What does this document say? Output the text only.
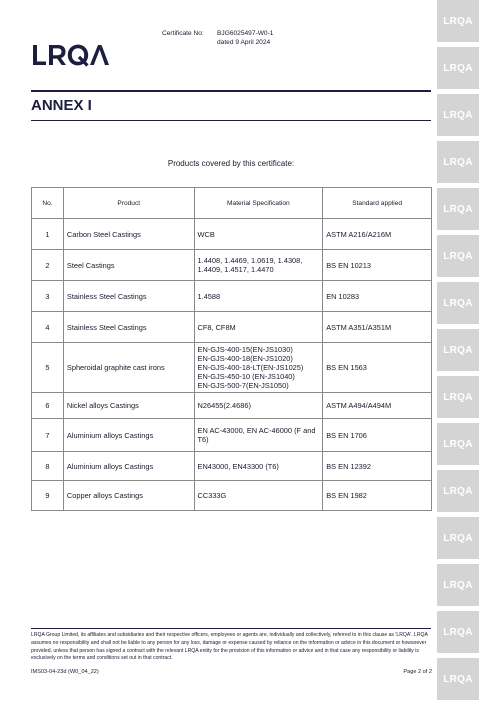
LRQA
LRQA
LRQA
LRQA
LRQA
LRQA
LRQA
LRQA
LRQA
LRQA
LRQA
LRQA
LRQA
LRQA
LRQA
Certificate No:	BJG6025497-W0-1
dated 9 April 2024
ANNEX I
Products covered by this certificate:
No.	Product	Material Specification	Standard applied
1	Carbon Steel Castings	WCB	ASTM A216/A216M
2	Steel Castings	1.4408, 1.4469, 1.0619, 1.4308, 1.4409, 1.4517, 1.4470	BS EN 10213
3	Stainless Steel Castings	1.4588	EN 10283
4	Stainless Steel Castings	CF8, CF8M	ASTM A351/A351M
5	Spheroidal graphite cast irons	EN-GJS-400-15(EN-JS1030)
EN-GJS-400-18(EN-JS1020)
EN-GJS-400-18-LT(EN-JS1025)
EN-GJS-450-10 (EN-JS1040)
EN-GJS-500-7(EN-JS1050)	BS EN 1563
6	Nickel alloys Castings	N26455(2.4686)	ASTM A494/A494M
7	Aluminium alloys Castings	EN AC-43000, EN AC-46000 (F and T6)	BS EN 1706
8	Aluminium alloys Castings	EN43000, EN43300 (T6)	BS EN 12392
9	Copper alloys Castings	CC333G	BS EN 1982
LRQA Group Limited, its affiliates and subsidiaries and their respective officers, employees or agents are, individually and collectively, referred to in this clause as 'LRQA'. LRQA assumes no responsibility and shall not be liable to any person for any loss, damage or expense caused by reliance on the information or advice in this document or howsoever provided, unless that person has signed a contract with the relevant LRQA entity for the provision of this information or advice and in that case any responsibility or liability is exclusively on the terms and conditions set out in that contract.
IMS03-04-23d (W0_04_22)	Page 2 of 2
